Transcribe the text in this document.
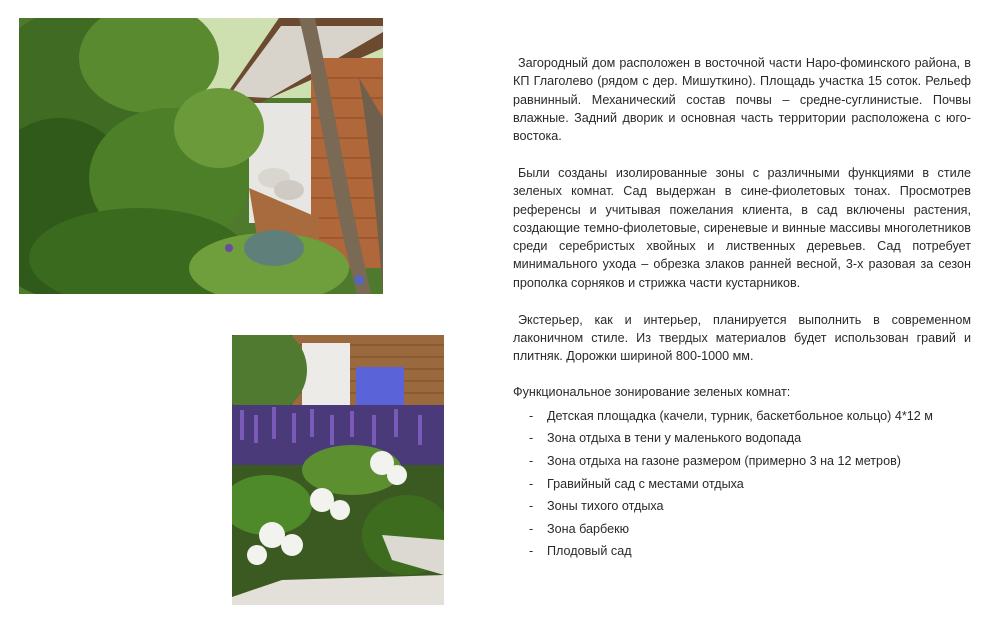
Загородный дом расположен в восточной части Наро-фоминского района, в КП Глаголево (рядом с дер. Мишуткино). Площадь участка 15 соток. Рельеф равнинный. Механический состав почвы – средне-суглинистые. Почвы влажные. Задний дворик и основная часть территории расположена с юго-востока.

Были созданы изолированные зоны с различными функциями в стиле зеленых комнат. Сад выдержан в сине-фиолетовых тонах. Просмотрев референсы и учитывая пожелания клиента, в сад включены растения, создающие темно-фиолетовые, сиреневые и винные массивы многолетников среди серебристых хвойных и лиственных деревьев. Сад потребует минимального ухода – обрезка злаков ранней весной, 3-х разовая за сезон прополка сорняков и стрижка части кустарников.

Экстерьер, как и интерьер, планируется выполнить в современном лаконичном стиле. Из твердых материалов будет использован гравий и плитняк. Дорожки шириной 800-1000 мм.

Функциональное зонирование зеленых комнат:

- Детская площадка (качели, турник, баскетбольное кольцо) 4*12 м
- Зона отдыха в тени у маленького водопада
- Зона отдыха на газоне размером (примерно 3 на 12 метров)
- Гравийный сад с местами отдыха
- Зоны тихого отдыха
- Зона барбекю
- Плодовый сад
